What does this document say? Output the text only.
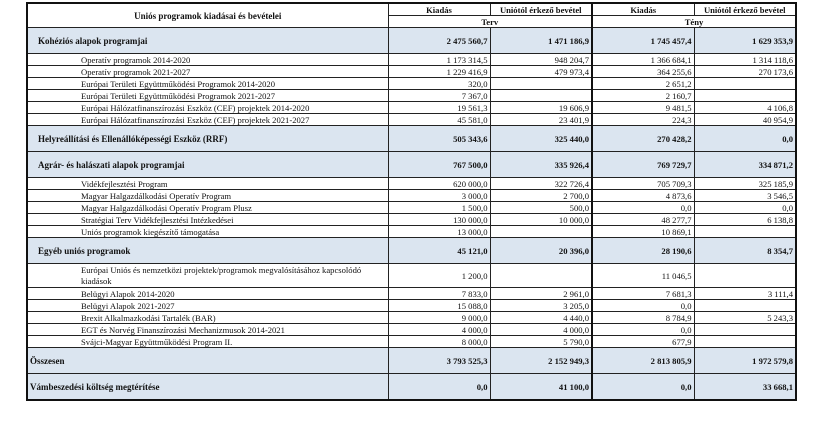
Uniós programok kiadásai és bevételei	Kiadás	Uniótól érkező bevétel	Kiadás	Uniótól érkező bevétel
	Terv		Tény	
Kohéziós alapok programjai	2 475 560,7	1 471 186,9	1 745 457,4	1 629 353,9
Operatív programok 2014-2020	1 173 314,5	948 204,7	1 366 684,1	1 314 118,6
Operatív programok 2021-2027	1 229 416,9	479 973,4	364 255,6	270 173,6
Európai Területi Együttműködési Programok 2014-2020	320,0		2 651,2	
Európai Területi Együttműködési Programok 2021-2027	7 367,0		2 160,7	
Európai Hálózatfinanszírozási Eszköz (CEF) projektek 2014-2020	19 561,3	19 606,9	9 481,5	4 106,8
Európai Hálózatfinanszírozási Eszköz (CEF) projektek 2021-2027	45 581,0	23 401,9	224,3	40 954,9
Helyreállítási és Ellenállóképességi Eszköz (RRF)	505 343,6	325 440,0	270 428,2	0,0
Agrár- és halászati alapok programjai	767 500,0	335 926,4	769 729,7	334 871,2
Vidékfejlesztési Program	620 000,0	322 726,4	705 709,3	325 185,9
Magyar Halgazdálkodási Operatív Program	3 000,0	2 700,0	4 873,6	3 546,5
Magyar Halgazdálkodási Operatív Program Plusz	1 500,0	500,0	0,0	0,0
Stratégiai Terv Vidékfejlesztési Intézkedései	130 000,0	10 000,0	48 277,7	6 138,8
Uniós programok kiegészítő támogatása	13 000,0		10 869,1	
Egyéb uniós programok	45 121,0	20 396,0	28 190,6	8 354,7
Európai Uniós és nemzetközi projektek/programok megvalósításához kapcsolódó kiadások	1 200,0		11 046,5	
Belügyi Alapok 2014-2020	7 833,0	2 961,0	7 681,3	3 111,4
Belügyi Alapok 2021-2027	15 088,0	3 205,0	0,0	
Brexit Alkalmazkodási Tartalék (BAR)	9 000,0	4 440,0	8 784,9	5 243,3
EGT és Norvég Finanszírozási Mechanizmusok 2014-2021	4 000,0	4 000,0	0,0	
Svájci-Magyar Együttműködési Program II.	8 000,0	5 790,0	677,9	
Összesen	3 793 525,3	2 152 949,3	2 813 805,9	1 972 579,8
Vámbeszedési költség megtérítése	0,0	41 100,0	0,0	33 668,1
